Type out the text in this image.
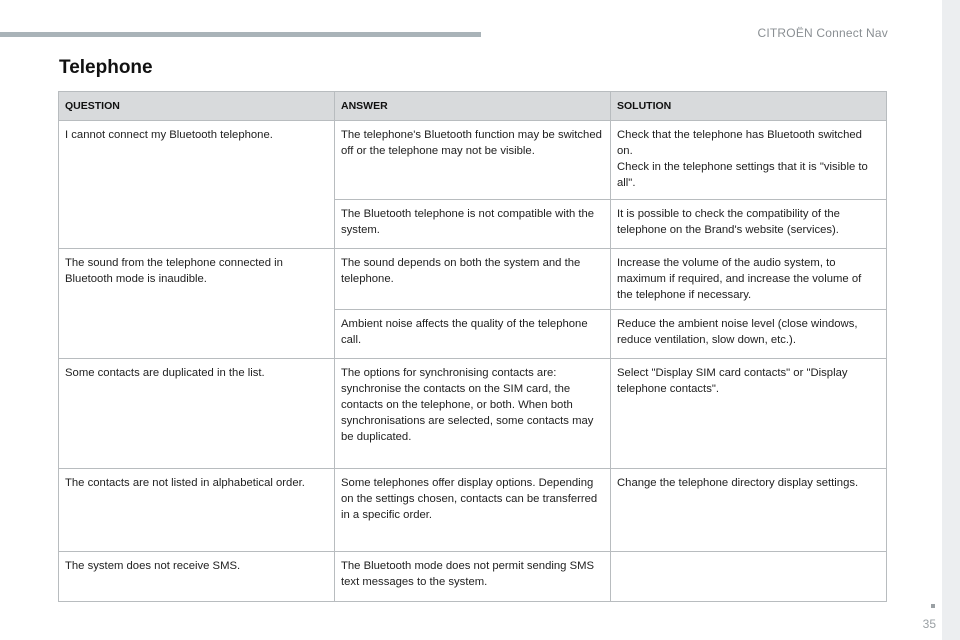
CITROËN Connect Nav
Telephone
QUESTION	ANSWER	SOLUTION
I cannot connect my Bluetooth telephone.	The telephone's Bluetooth function may be switched off or the telephone may not be visible.	Check that the telephone has Bluetooth switched on.
Check in the telephone settings that it is "visible to all".
	The Bluetooth telephone is not compatible with the system.	It is possible to check the compatibility of the telephone on the Brand's website (services).
The sound from the telephone connected in Bluetooth mode is inaudible.	The sound depends on both the system and the telephone.	Increase the volume of the audio system, to maximum if required, and increase the volume of the telephone if necessary.
	Ambient noise affects the quality of the telephone call.	Reduce the ambient noise level (close windows, reduce ventilation, slow down, etc.).
Some contacts are duplicated in the list.	The options for synchronising contacts are: synchronise the contacts on the SIM card, the contacts on the telephone, or both. When both synchronisations are selected, some contacts may be duplicated.	Select "Display SIM card contacts" or "Display telephone contacts".
The contacts are not listed in alphabetical order.	Some telephones offer display options. Depending on the settings chosen, contacts can be transferred in a specific order.	Change the telephone directory display settings.
The system does not receive SMS.	The Bluetooth mode does not permit sending SMS text messages to the system.	
35
